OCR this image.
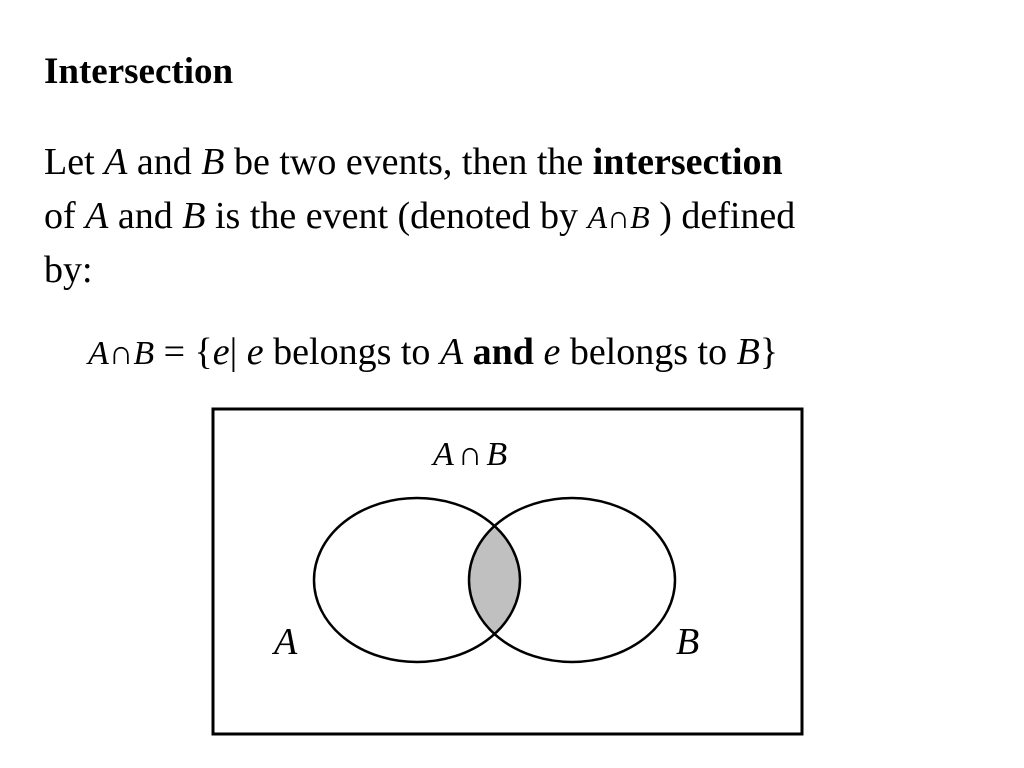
Intersection
Let A and B be two events, then the intersection
of A and B is the event (denoted by A∩B ) defined
by:
A∩B = {e| e belongs to A and e belongs to B}
A ∩ B
A	B
